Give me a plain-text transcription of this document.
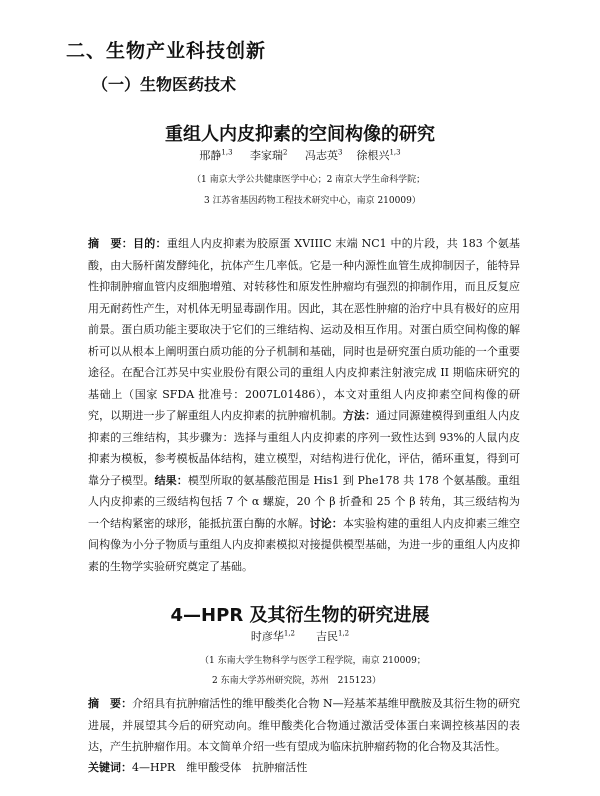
二、生物产业科技创新
（一）生物医药技术
重组人内皮抑素的空间构像的研究
邢静$^{1,3}$ 李家瑞$^2$ 冯志英$^3$ 徐根兴$^{1,3}$
（1 南京大学公共健康医学中心；2 南京大学生命科学院；
3 江苏省基因药物工程技术研究中心，南京 210009）
摘　要：目的：重组人内皮抑素为胶原蛋 XVIIIC 末端 NC1 中的片段，共 183 个氨基酸，由大肠杆菌发酵纯化，抗体产生几率低。它是一种内源性血管生成抑制因子，能特异性抑制肿瘤血管内皮细胞增殖、对转移性和原发性肿瘤均有强烈的抑制作用，而且反复应用无耐药性产生，对机体无明显毒副作用。因此，其在恶性肿瘤的治疗中具有极好的应用前景。蛋白质功能主要取决于它们的三维结构、运动及相互作用。对蛋白质空间构像的解析可以从根本上阐明蛋白质功能的分子机制和基础，同时也是研究蛋白质功能的一个重要途径。在配合江苏吴中实业股份有限公司的重组人内皮抑素注射液完成 II 期临床研究的基础上（国家 SFDA 批准号：2007L01486），本文对重组人内皮抑素空间构像的研究，以期进一步了解重组人内皮抑素的抗肿瘤机制。方法：通过同源建模得到重组人内皮抑素的三维结构，其步骤为：选择与重组人内皮抑素的序列一致性达到 93%的人鼠内皮抑素为模板，参考模板晶体结构，建立模型，对结构进行优化，评估，循环重复，得到可靠分子模型。结果：模型所取的氨基酸范围是 His1 到 Phe178 共 178 个氨基酸。重组人内皮抑素的三级结构包括 7 个 α 螺旋，20 个 β 折叠和 25 个 β 转角，其三级结构为一个结构紧密的球形，能抵抗蛋白酶的水解。讨论：本实验构建的重组人内皮抑素三维空间构像为小分子物质与重组人内皮抑素模拟对接提供模型基础，为进一步的重组人内皮抑素的生物学实验研究奠定了基础。
4—HPR 及其衍生物的研究进展
时彦华$^{1,2}$ 吉民$^{1,2}$
（1 东南大学生物科学与医学工程学院，南京 210009；
2 东南大学苏州研究院，苏州　215123）
摘　要：介绍具有抗肿瘤活性的维甲酸类化合物 N—羟基苯基维甲酰胺及其衍生物的研究进展，并展望其今后的研究动向。维甲酸类化合物通过激活受体蛋白来调控核基因的表达，产生抗肿瘤作用。本文简单介绍一些有望成为临床抗肿瘤药物的化合物及其活性。
关键词：4—HPR　维甲酸受体　抗肿瘤活性
